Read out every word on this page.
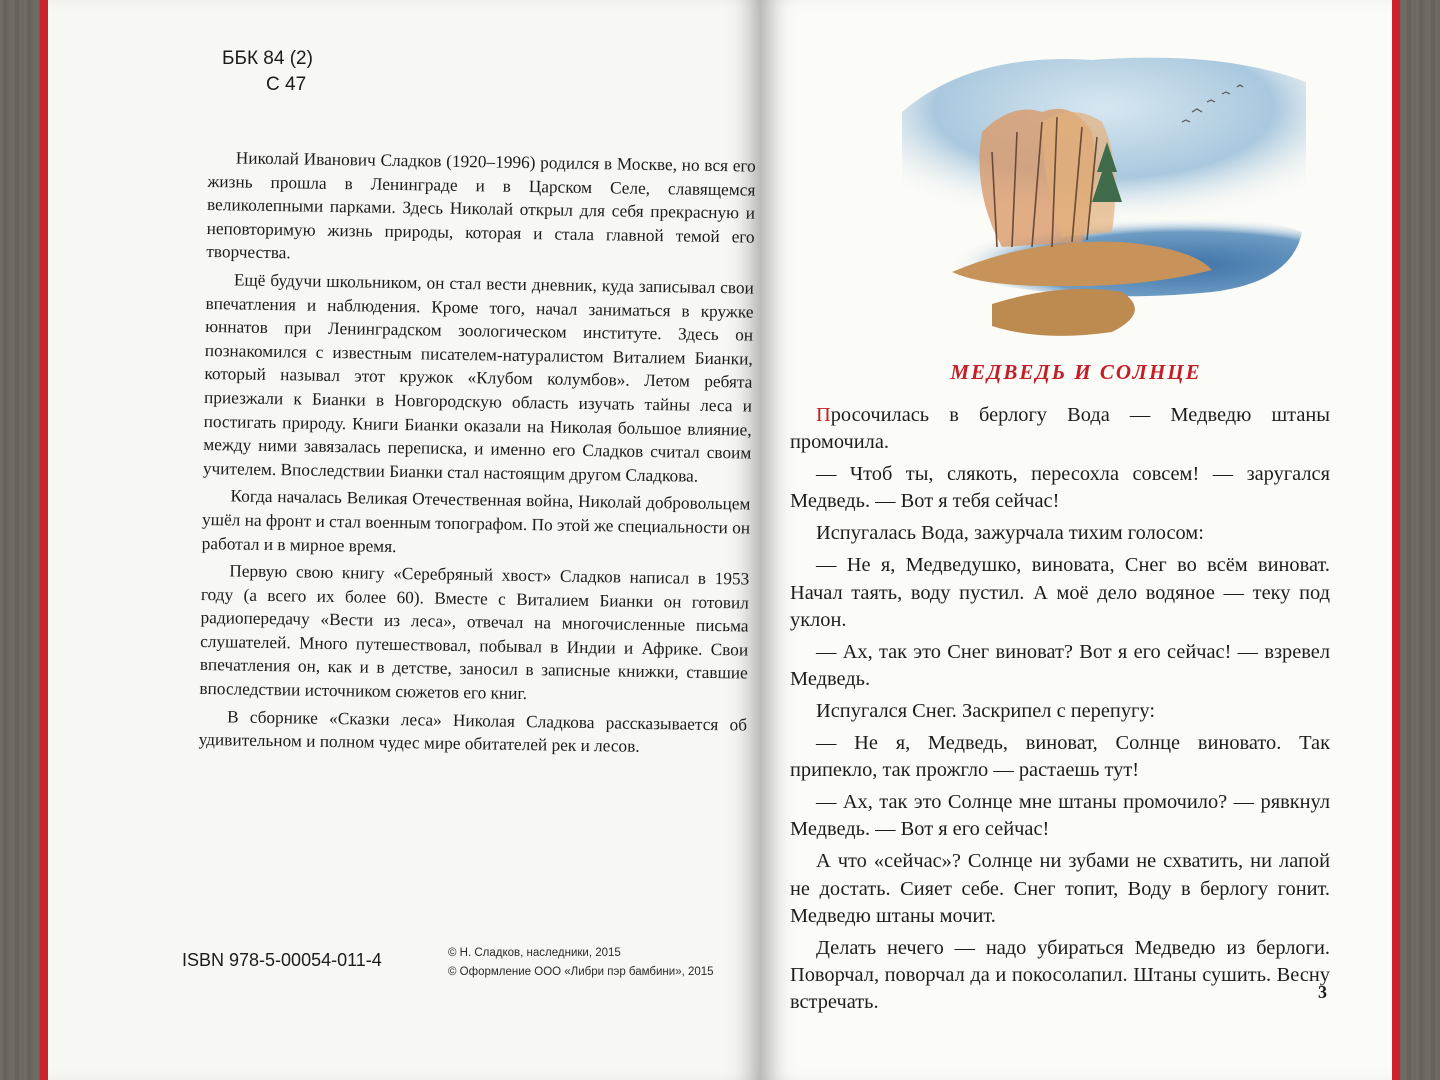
ББК 84 (2)
С 47

Николай Иванович Сладков (1920–1996) родился в Москве, но вся его жизнь прошла в Ленинграде и в Царском Селе, славящемся великолепными парками. Здесь Николай открыл для себя прекрасную и неповторимую жизнь природы, которая и стала главной темой его творчества.

Ещё будучи школьником, он стал вести дневник, куда записывал свои впечатления и наблюдения. Кроме того, начал заниматься в кружке юннатов при Ленинградском зоологическом институте. Здесь он познакомился с известным писателем-натуралистом Виталием Бианки, который называл этот кружок «Клубом колумбов». Летом ребята приезжали к Бианки в Новгородскую область изучать тайны леса и постигать природу. Книги Бианки оказали на Николая большое влияние, между ними завязалась переписка, и именно его Сладков считал своим учителем. Впоследствии Бианки стал настоящим другом Сладкова.

Когда началась Великая Отечественная война, Николай добровольцем ушёл на фронт и стал военным топографом. По этой же специальности он работал и в мирное время.

Первую свою книгу «Серебряный хвост» Сладков написал в 1953 году (а всего их более 60). Вместе с Виталием Бианки он готовил радиопередачу «Вести из леса», отвечал на многочисленные письма слушателей. Много путешествовал, побывал в Индии и Африке. Свои впечатления он, как и в детстве, заносил в записные книжки, ставшие впоследствии источником сюжетов его книг.

В сборнике «Сказки леса» Николая Сладкова рассказывается об удивительном и полном чудес мире обитателей рек и лесов.

ISBN 978-5-00054-011-4	© Н. Сладков, наследники, 2015
© Оформление ООО «Либри пэр бамбини», 2015
МЕДВЕДЬ И СОЛНЦЕ

Просочилась в берлогу Вода — Медведю штаны промочила.

— Чтоб ты, слякоть, пересохла совсем! — заругался Медведь. — Вот я тебя сейчас!

Испугалась Вода, зажурчала тихим голосом:

— Не я, Медведушко, виновата, Снег во всём виноват. Начал таять, воду пустил. А моё дело водяное — теку под уклон.

— Ах, так это Снег виноват? Вот я его сейчас! — взревел Медведь.

Испугался Снег. Заскрипел с перепугу:

— Не я, Медведь, виноват, Солнце виновато. Так припекло, так прожгло — растаешь тут!

— Ах, так это Солнце мне штаны промочило? — рявкнул Медведь. — Вот я его сейчас!

А что «сейчас»? Солнце ни зубами не схватить, ни лапой не достать. Сияет себе. Снег топит, Воду в берлогу гонит. Медведю штаны мочит.

Делать нечего — надо убираться Медведю из берлоги. Поворчал, поворчал да и покосолапил. Штаны сушить. Весну встречать.	3
